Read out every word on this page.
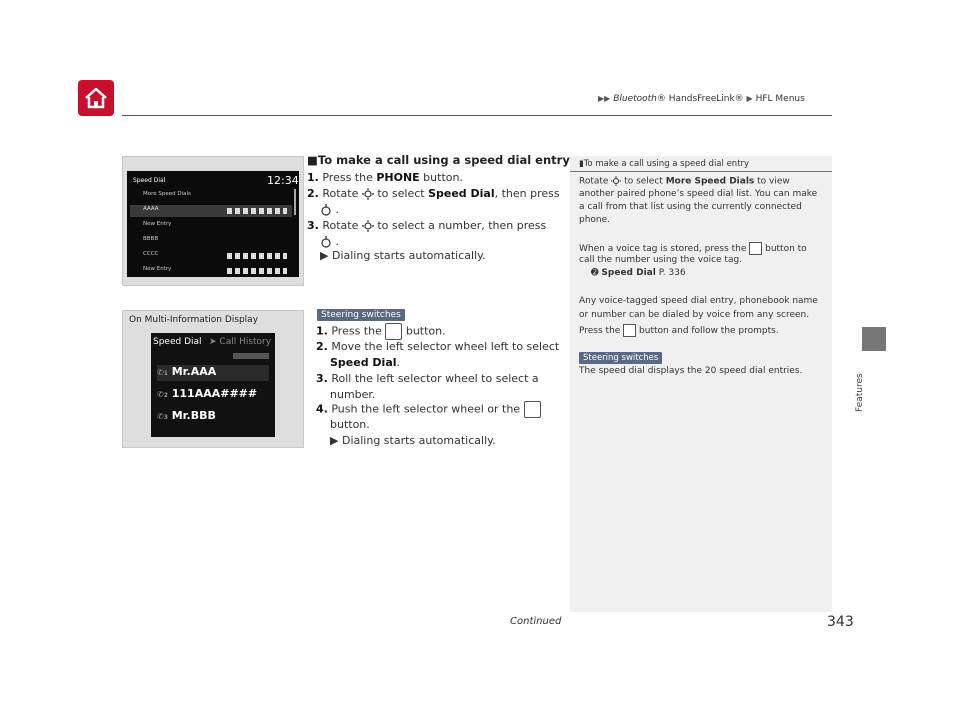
▶▶ Bluetooth® HandsFreeLink® ▶ HFL Menus
Features
Speed Dial	12:34
More Speed Dials
AAAA
New Entry
BBBB
CCCC
New Entry
On Multi-Information Display
Speed Dial ➤ Call History
✆1 Mr.AAA
✆2 111AAA####
✆3 Mr.BBB
■To make a call using a speed dial entry
1. Press the PHONE button.
2. Rotate  to select Speed Dial, then press
.
3. Rotate  to select a number, then press
.
▶ Dialing starts automatically.
Steering switches
1. Press the  button.
2. Move the left selector wheel left to select
Speed Dial.
3. Roll the left selector wheel to select a
number.
4. Push the left selector wheel or the
button.
▶ Dialing starts automatically.
▮To make a call using a speed dial entry
Rotate  to select More Speed Dials to view
another paired phone’s speed dial list. You can make
a call from that list using the currently connected
phone.
When a voice tag is stored, press the  button to
call the number using the voice tag.
➋ Speed Dial P. 336
Any voice-tagged speed dial entry, phonebook name
or number can be dialed by voice from any screen.
Press the  button and follow the prompts.
Steering switches
The speed dial displays the 20 speed dial entries.
Continued	343
